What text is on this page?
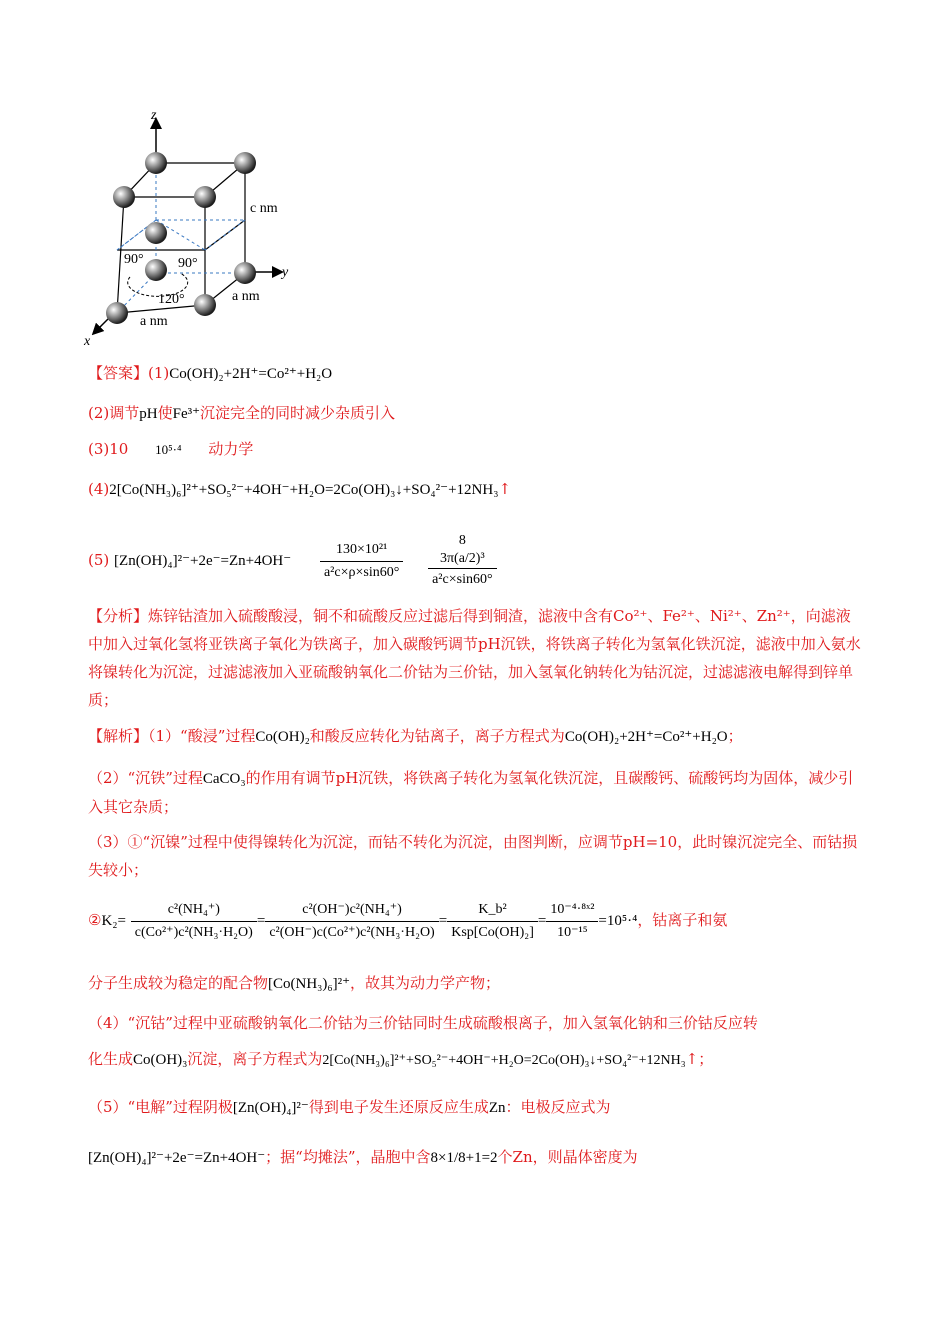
z
y
x
c nm
a nm
a nm
90° 90°
120°
【答案】(1)Co(OH)₂+2H⁺=Co²⁺+H₂O
(2)调节pH使Fe³⁺沉淀完全的同时减少杂质引入
(3)10 10⁵·⁴ 动力学
(4)2[Co(NH₃)₆]²⁺+SO₅²⁻+4OH⁻+H₂O=2Co(OH)₃↓+SO₄²⁻+12NH₃↑
(5) $[Zn(OH)_4]^{2-}+2e^-=Zn+4OH^- \frac{\text{130×10²¹}}{\text{a²c×ρ×sin60°}}$
8
3π(a/2)³
a²c×sin60°
【分析】炼锌钴渣加入硫酸酸浸，铜不和硫酸反应过滤后得到铜渣，滤液中含有Co²⁺、Fe²⁺、Ni²⁺、Zn²⁺，向滤液中加入过氧化氢将亚铁离子氧化为铁离子，加入碳酸钙调节pH沉铁，将铁离子转化为氢氧化铁沉淀，滤液中加入氨水将镍转化为沉淀，过滤滤液加入亚硫酸钠氧化二价钴为三价钴，加入氢氧化钠转化为钴沉淀，过滤滤液电解得到锌单质；
【解析】（1）“酸浸”过程Co(OH)₂和酸反应转化为钴离子，离子方程式为Co(OH)₂+2H⁺=Co²⁺+H₂O；
（2）“沉铁”过程CaCO₃的作用有调节pH沉铁，将铁离子转化为氢氧化铁沉淀，且碳酸钙、硫酸钙均为固体，减少引入其它杂质；
（3）①“沉镍”过程中使得镍转化为沉淀，而钴不转化为沉淀，由图判断，应调节pH=10，此时镍沉淀完全、而钴损失较小；
②K₂= $\frac{\text{c²(NH₄⁺)}}{\text{c(Co²⁺)c²(NH₃·H₂O)}} = \frac{\text{c²(OH⁻)c²(NH₄⁺)}}{\text{c²(OH⁻)c(Co²⁺)c²(NH₃·H₂O)}} = \frac{\text{K\_b²}}{\text{Ksp[Co(OH)₂]}} = \frac{\text{10⁻⁴·⁸ˣ²}}{\text{10⁻¹⁵}} =10^5\cdot^4$，钴离子和氨
分子生成较为稳定的配合物[Co(NH₃)₆]²⁺，故其为动力学产物；
（4）“沉钴”过程中亚硫酸钠氧化二价钴为三价钴同时生成硫酸根离子，加入氢氧化钠和三价钴反应转
化生成Co(OH)₃沉淀，离子方程式为2[Co(NH₃)₆]²⁺+SO₅²⁻+4OH⁻+H₂O=2Co(OH)₃↓+SO₄²⁻+12NH₃↑；
（5）“电解”过程阴极[Zn(OH)₄]²⁻得到电子发生还原反应生成Zn：电极反应式为
[Zn(OH)₄]²⁻+2e⁻=Zn+4OH⁻；据“均摊法”，晶胞中含8×1/8+1=2个Zn，则晶体密度为
